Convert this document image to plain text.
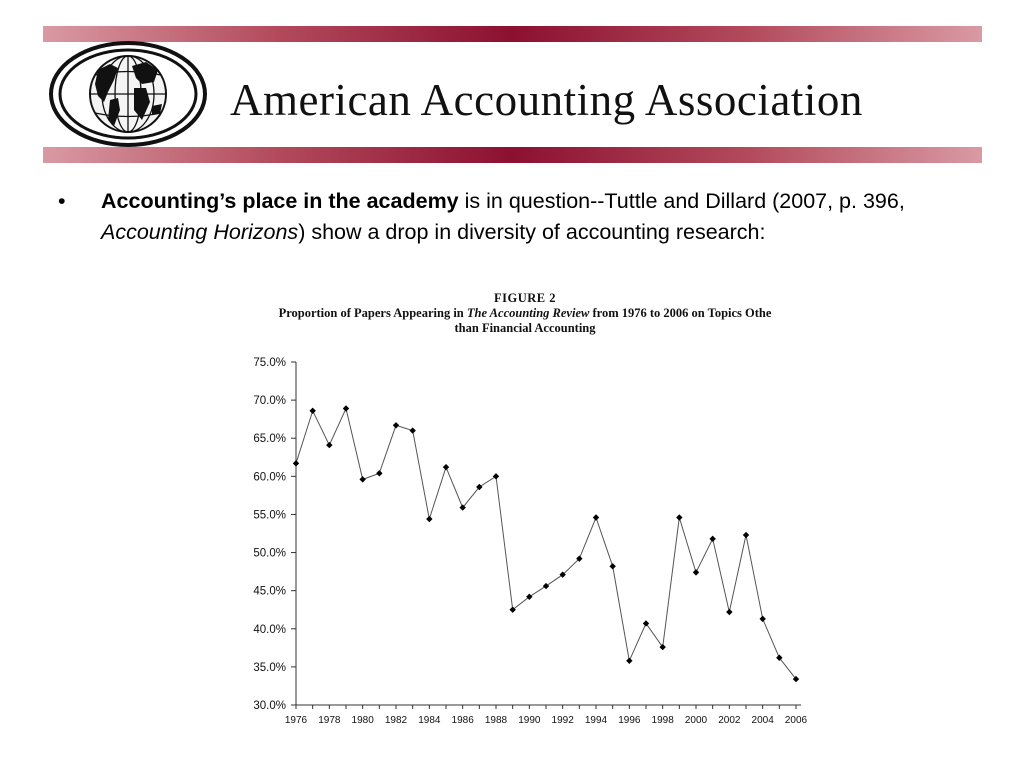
American Accounting Association
• Accounting’s place in the academy is in question--Tuttle and Dillard (2007, p. 396, Accounting Horizons) show a drop in diversity of accounting research:
FIGURE 2
Proportion of Papers Appearing in The Accounting Review from 1976 to 2006 on Topics Othe
than Financial Accounting
30.0%
35.0%
40.0%
45.0%
50.0%
55.0%
60.0%
65.0%
70.0%
75.0%
1976 1978 1980 1982 1984 1986 1988 1990 1992 1994 1996 1998 2000 2002 2004 2006
